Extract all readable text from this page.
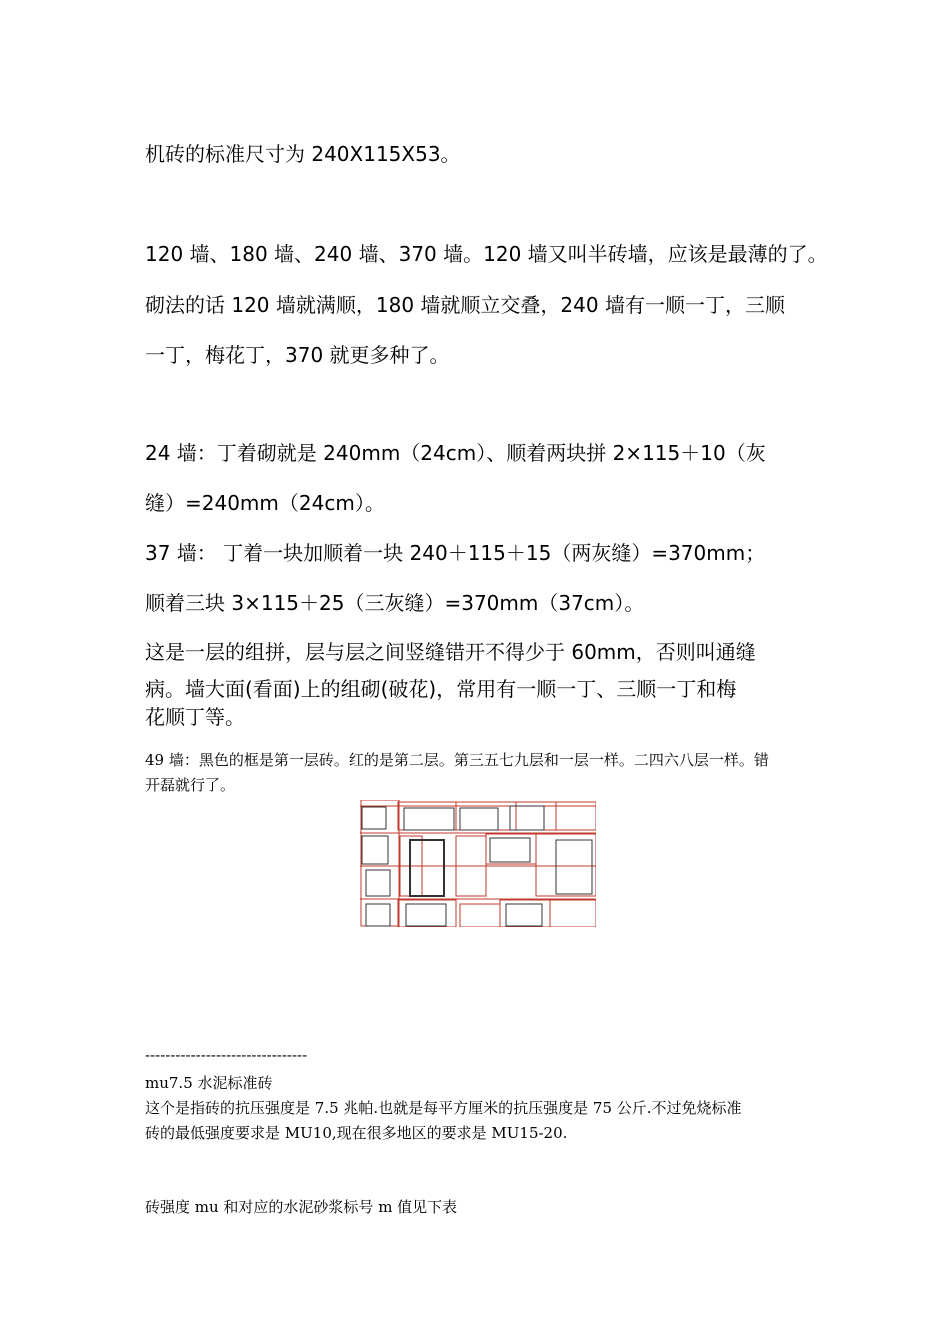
机砖的标准尺寸为 240X115X53。
120 墙、180 墙、240 墙、370 墙。120 墙又叫半砖墙，应该是最薄的了。
砌法的话 120 墙就满顺，180 墙就顺立交叠，240 墙有一顺一丁，三顺
一丁，梅花丁，370 就更多种了。
24 墙：丁着砌就是 240mm（24cm）、顺着两块拼 2×115＋10（灰
缝）=240mm（24cm）。
37 墙： 丁着一块加顺着一块 240＋115＋15（两灰缝）=370mm；
顺着三块 3×115＋25（三灰缝）=370mm（37cm）。
这是一层的组拼，层与层之间竖缝错开不得少于 60mm，否则叫通缝
病。墙大面(看面)上的组砌(破花)，常用有一顺一丁、三顺一丁和梅
花顺丁等。
49 墙：黑色的框是第一层砖。红的是第二层。第三五七九层和一层一样。二四六八层一样。错
开磊就行了。
--------------------------------
mu7.5 水泥标准砖
这个是指砖的抗压强度是 7.5 兆帕.也就是每平方厘米的抗压强度是 75 公斤.不过免烧标准
砖的最低强度要求是 MU10,现在很多地区的要求是 MU15-20.
砖强度 mu 和对应的水泥砂浆标号 m 值见下表
